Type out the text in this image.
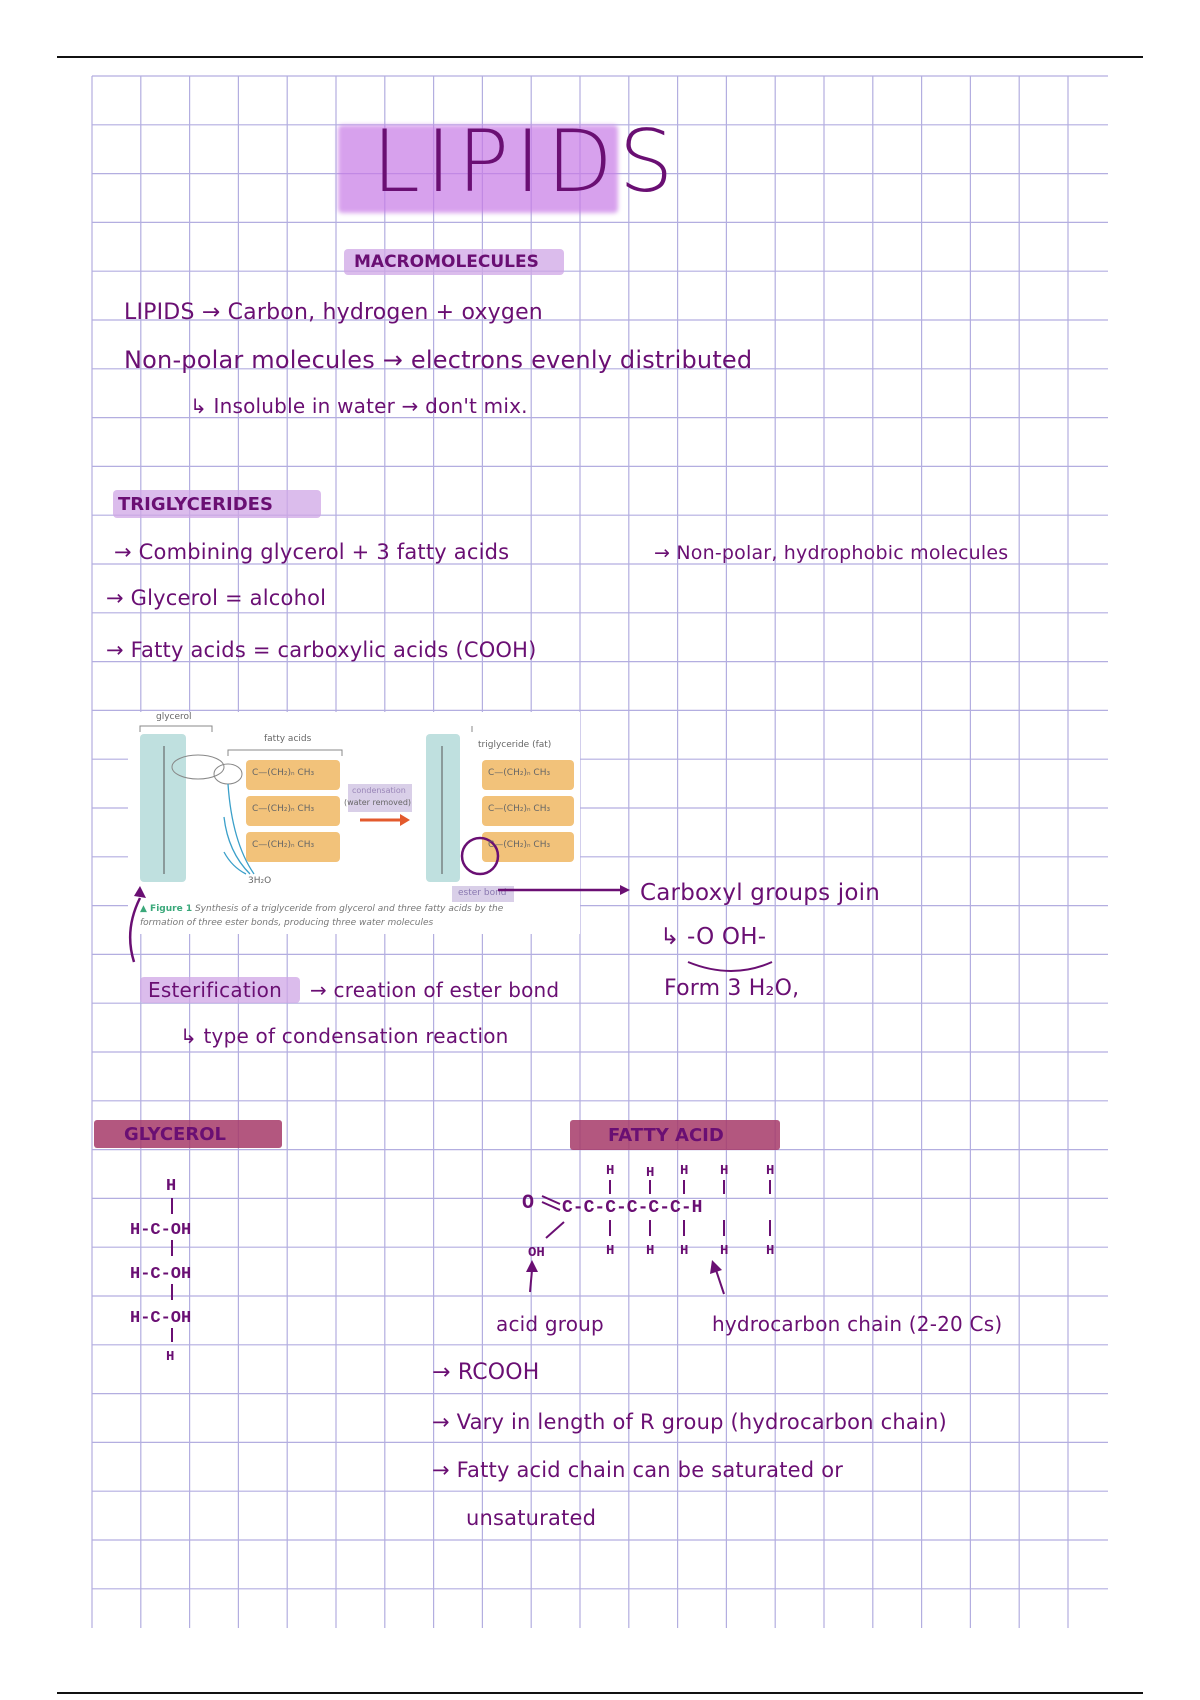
LIPIDS
MACROMOLECULES
LIPIDS → Carbon, hydrogen + oxygen
Non-polar molecules → electrons evenly distributed
↳ Insoluble in water → don't mix.
TRIGLYCERIDES
→ Combining glycerol + 3 fatty acids	→ Non-polar, hydrophobic molecules
→ Glycerol = alcohol
→ Fatty acids = carboxylic acids (COOH)
glycerol
fatty acids
triglyceride (fat)
C—(CH₂)ₙ CH₃
C—(CH₂)ₙ CH₃
C—(CH₂)ₙ CH₃
C—(CH₂)ₙ CH₃
C—(CH₂)ₙ CH₃
C—(CH₂)ₙ CH₃
condensation
(water removed)
3H₂O
ester bond
▲ Figure 1 Synthesis of a triglyceride from glycerol and three fatty acids by the
formation of three ester bonds, producing three water molecules
Carboxyl groups join
↳ -O OH-
Form 3 H₂O,
Esterification → creation of ester bond
↳ type of condensation reaction
GLYCEROL
H
H-C-OH
H-C-OH
H-C-OH
H
FATTY ACID
H H H H	H
O C-C-C-C-C-C-H
OH	H H H H	H
acid group	hydrocarbon chain (2-20 Cs)
→ RCOOH
→ Vary in length of R group (hydrocarbon chain)
→ Fatty acid chain can be saturated or
unsaturated
